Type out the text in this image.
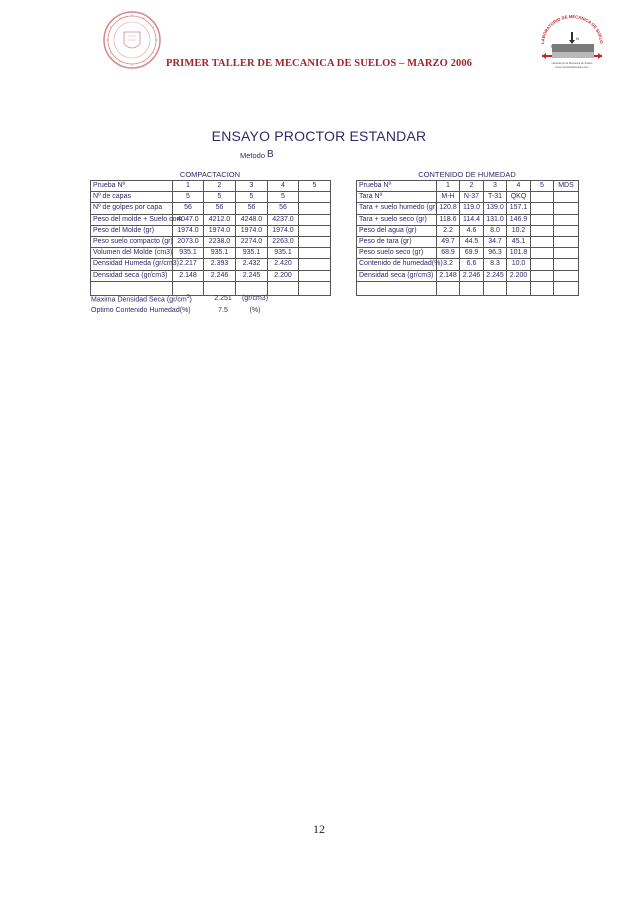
LABORATORIO DE MECANICA DE SUELO
N
T
Laboratorio de Mecánica de Suelos
www.mecanicadesuelos.com
PRIMER TALLER DE MECANICA DE SUELOS – MARZO 2006
ENSAYO PROCTOR ESTANDAR
Metodo B
COMPACTACION	CONTENIDO DE HUMEDAD
Prueba Nº	1	2	3	4	5
Nº de capas	5	5	5	5	
Nº de golpes por capa	56	56	56	56	
Peso del molde + Suelo com	4047.0	4212.0	4248.0	4237.0	
Peso del Molde (gr)	1974.0	1974.0	1974.0	1974.0	
Peso suelo compacto (gr)	2073.0	2238.0	2274.0	2263.0	
Volumen del Molde (cm3)	935.1	935.1	935.1	935.1	
Densidad Humeda (gr/cm3)	2.217	2.393	2.432	2.420	
Densidad seca (gr/cm3)	2.148	2.246	2.245	2.200	

Prueba Nº	1	2	3	4	5	MDS
Tara Nº	M-H	N-37	T-31	QKQ		
Tara + suelo humedo (gr)	120.8	119.0	139.0	157.1		
Tara + suelo seco (gr)	118.6	114.4	131.0	146.9		
Peso del agua (gr)	2.2	4.6	8.0	10.2		
Peso de tara (gr)	49.7	44.5	34.7	45.1		
Peso suelo seco (gr)	68.9	69.9	96.3	101.8		
Contenido de humedad(%)	3.2	6.6	8.3	10.0		
Densidad seca (gr/cm3)	2.148	2.246	2.245	2.200		

Maxima Densidad Seca $(gr/cm^3)$	2.251	(gr/cm3)
Optimo Contenido Humedad(%)	7.5	(%)
12
